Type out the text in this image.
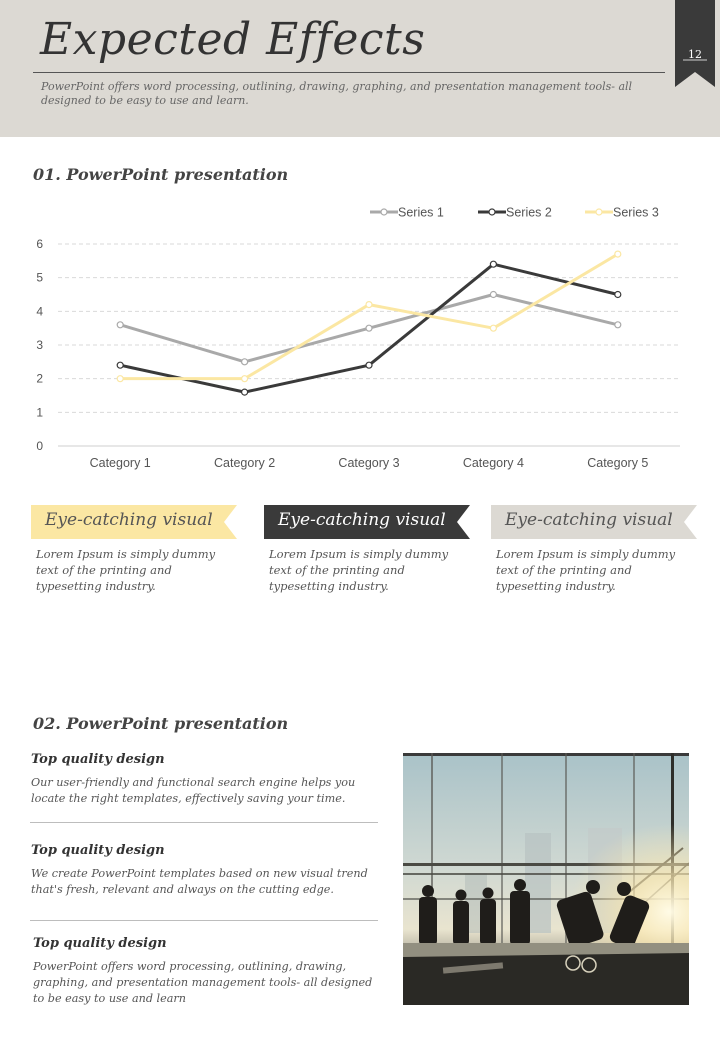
Expected Effects
PowerPoint offers word processing, outlining, drawing, graphing, and presentation management tools- all designed to be easy to use and learn.
12
01. PowerPoint presentation
0
1
2
3
4
5
6
Category 1	Category 2	Category 3	Category 4	Category 5
Series 1	Series 2	Series 3
Eye-catching visual
Lorem Ipsum is simply dummy text of the printing and typesetting industry.
Eye-catching visual
Lorem Ipsum is simply dummy text of the printing and typesetting industry.
Eye-catching visual
Lorem Ipsum is simply dummy text of the printing and typesetting industry.
02. PowerPoint presentation
Top quality design
Our user-friendly and functional search engine helps you locate the right templates, effectively saving your time.
Top quality design
We create PowerPoint templates based on new visual trend that's fresh, relevant and always on the cutting edge.
Top quality design
PowerPoint offers word processing, outlining, drawing, graphing, and presentation management tools- all designed to be easy to use and learn
